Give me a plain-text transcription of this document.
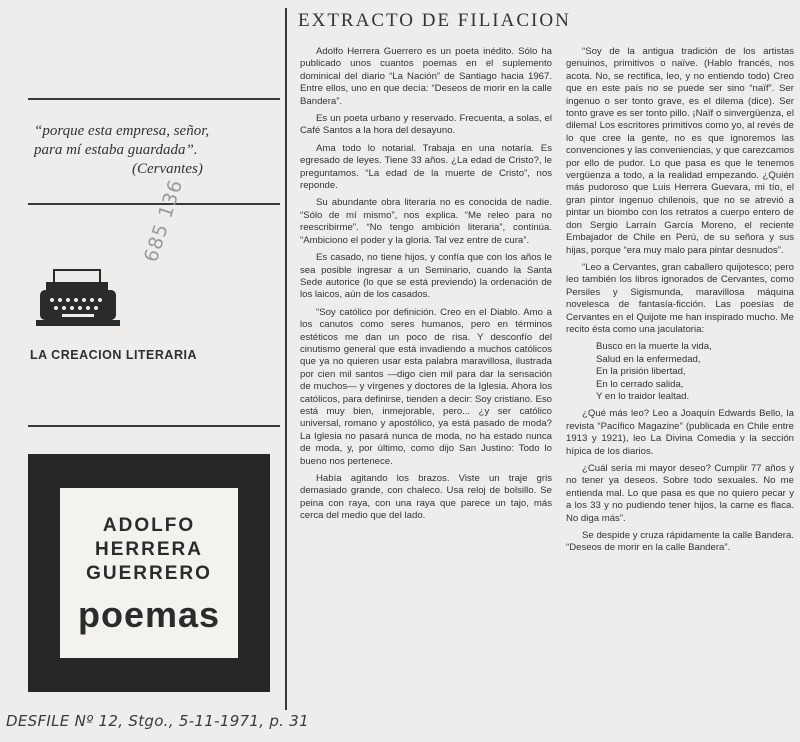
“porque esta empresa, señor,
para mí estaba guardada”.
(Cervantes)
685 136
LA CREACION LITERARIA
ADOLFO
HERRERA
GUERRERO
poemas
DESFILE Nº 12, Stgo., 5-11-1971, p. 31
EXTRACTO DE FILIACION

Adolfo Herrera Guerrero es un poeta inédito. Sólo ha publicado unos cuantos poemas en el suplemento dominical del diario “La Nación” de Santiago hacia 1967. Entre ellos, uno en que decía: “Deseos de morir en la calle Bandera”.

Es un poeta urbano y reservado. Frecuenta, a solas, el Café Santos a la hora del desayuno.

Ama todo lo notarial. Trabaja en una notaría. Es egresado de leyes. Tiene 33 años. ¿La edad de Cristo?, le preguntamos. “La edad de la muerte de Cristo”, nos reponde.

Su abundante obra literaria no es conocida de nadie. “Sólo de mí mismo”, nos explica. “Me releo para no reescribirme”. “No tengo ambición literaria”, continúa. “Ambiciono el poder y la gloria. Tal vez entre de cura”.

Es casado, no tiene hijos, y confía que con los años le sea posible ingresar a un Seminario, cuando la Santa Sede autorice (lo que se está previendo) la ordenación de los laicos, aún de los casados.

“Soy católico por definición. Creo en el Diablo. Amo a los canutos como seres humanos, pero en términos estéticos me dan un poco de risa. Y desconfío del cinutismo general que está invadiendo a muchos católicos que ya no quieren usar esta palabra maravillosa, ilustrada por cien mil santos —digo cien mil para dar la sensación de muchos— y vírgenes y doctores de la Iglesia. Ahora los católicos, para definirse, tienden a decir: Soy cristiano. Eso está muy bien, inmejorable, pero... ¿y ser católico universal, romano y apostólico, ya está pasado de moda? La Iglesia no pasará nunca de moda, no ha estado nunca de moda, y, por último, como dijo San Justino: Todo lo bueno nos pertenece.

Había agitando los brazos. Viste un traje gris demasiado grande, con chaleco. Usa reloj de bolsillo. Se peina con raya, con una raya que parece un tajo, más cerca del medio que del lado.

“Soy de la antigua tradición de los artistas genuinos, primitivos o naïve. (Hablo francés, nos acota. No, se rectifica, leo, y no entiendo todo) Creo que en este país no se puede ser sino “naïf”. Ser ingenuo o ser tonto grave, es el dilema (dice). Ser tonto grave es ser tonto pillo. ¡Naïf o sinvergüenza, el dilema! Los escritores primitivos como yo, al revés de lo que cree la gente, no es que ignoremos las convenciones y las conveniencias, y que carezcamos por ello de pudor. Lo que pasa es que le tenemos vergüenza a todo, a la realidad empezando. ¿Quién más pudoroso que Luis Herrera Guevara, mi tío, el gran pintor ingenuo chilenois, que no se atrevió a pintar un biombo con los retratos a cuerpo entero de don Sergio Larraín García Moreno, el reciente Embajador de Chile en Perú, de su señora y sus hijas, porque “era muy malo para pintar desnudos”.

“Leo a Cervantes, gran caballero quijotesco; pero leo también los libros ignorados de Cervantes, como Persiles y Sigismunda, maravillosa máquina novelesca de fantasía-ficción. Las poesías de Cervantes en el Quijote me han inspirado mucho. Me recito ésta como una jaculatoria:

Busco en la muerte la vida,
Salud en la enfermedad,
En la prisión libertad,
En lo cerrado salida,
Y en lo traidor lealtad.

¿Qué más leo? Leo a Joaquín Edwards Bello, la revista “Pacífico Magazine” (publicada en Chile entre 1913 y 1921), leo La Divina Comedia y la sección hípica de los diarios.

¿Cuál sería mi mayor deseo? Cumplir 77 años y no tener ya deseos. Sobre todo sexuales. No me entienda mal. Lo que pasa es que no quiero pecar y a los 33 y no pudiendo tener hijos, la carne es flaca. No diga más”.

Se despide y cruza rápidamente la calle Bandera. “Deseos de morir en la calle Bandera”.
